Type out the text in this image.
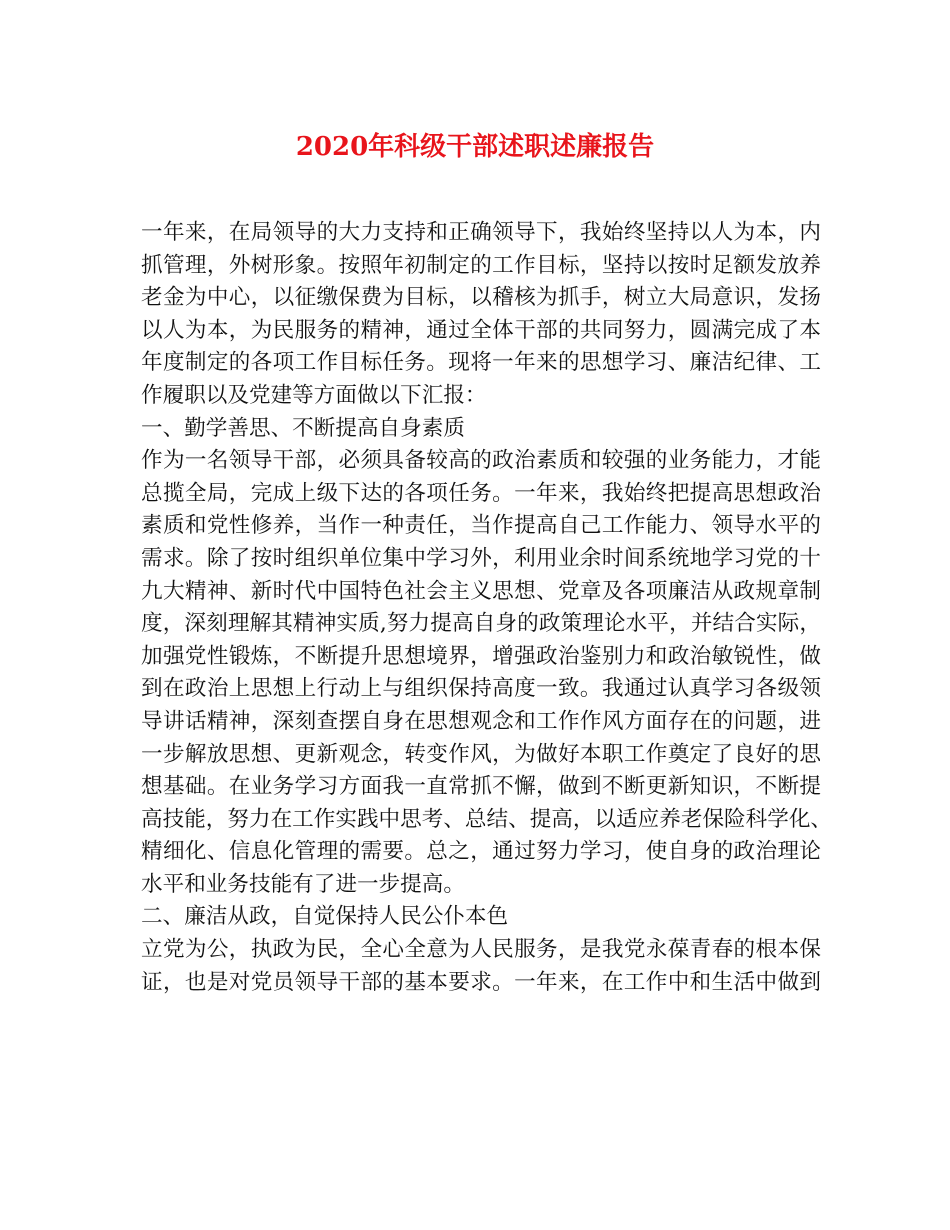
2020年科级干部述职述廉报告
一年来，在局领导的大力支持和正确领导下，我始终坚持以人为本，内
抓管理，外树形象。按照年初制定的工作目标，坚持以按时足额发放养
老金为中心，以征缴保费为目标，以稽核为抓手，树立大局意识，发扬
以人为本，为民服务的精神，通过全体干部的共同努力，圆满完成了本
年度制定的各项工作目标任务。现将一年来的思想学习、廉洁纪律、工
作履职以及党建等方面做以下汇报：
一、勤学善思、不断提高自身素质
作为一名领导干部，必须具备较高的政治素质和较强的业务能力，才能
总揽全局，完成上级下达的各项任务。一年来，我始终把提高思想政治
素质和党性修养，当作一种责任，当作提高自己工作能力、领导水平的
需求。除了按时组织单位集中学习外，利用业余时间系统地学习党的十
九大精神、新时代中国特色社会主义思想、党章及各项廉洁从政规章制
度，深刻理解其精神实质,努力提高自身的政策理论水平，并结合实际，
加强党性锻炼，不断提升思想境界，增强政治鉴别力和政治敏锐性，做
到在政治上思想上行动上与组织保持高度一致。我通过认真学习各级领
导讲话精神，深刻查摆自身在思想观念和工作作风方面存在的问题，进
一步解放思想、更新观念，转变作风，为做好本职工作奠定了良好的思
想基础。在业务学习方面我一直常抓不懈，做到不断更新知识，不断提
高技能，努力在工作实践中思考、总结、提高，以适应养老保险科学化、
精细化、信息化管理的需要。总之，通过努力学习，使自身的政治理论
水平和业务技能有了进一步提高。
二、廉洁从政，自觉保持人民公仆本色
立党为公，执政为民，全心全意为人民服务，是我党永葆青春的根本保
证，也是对党员领导干部的基本要求。一年来，在工作中和生活中做到
